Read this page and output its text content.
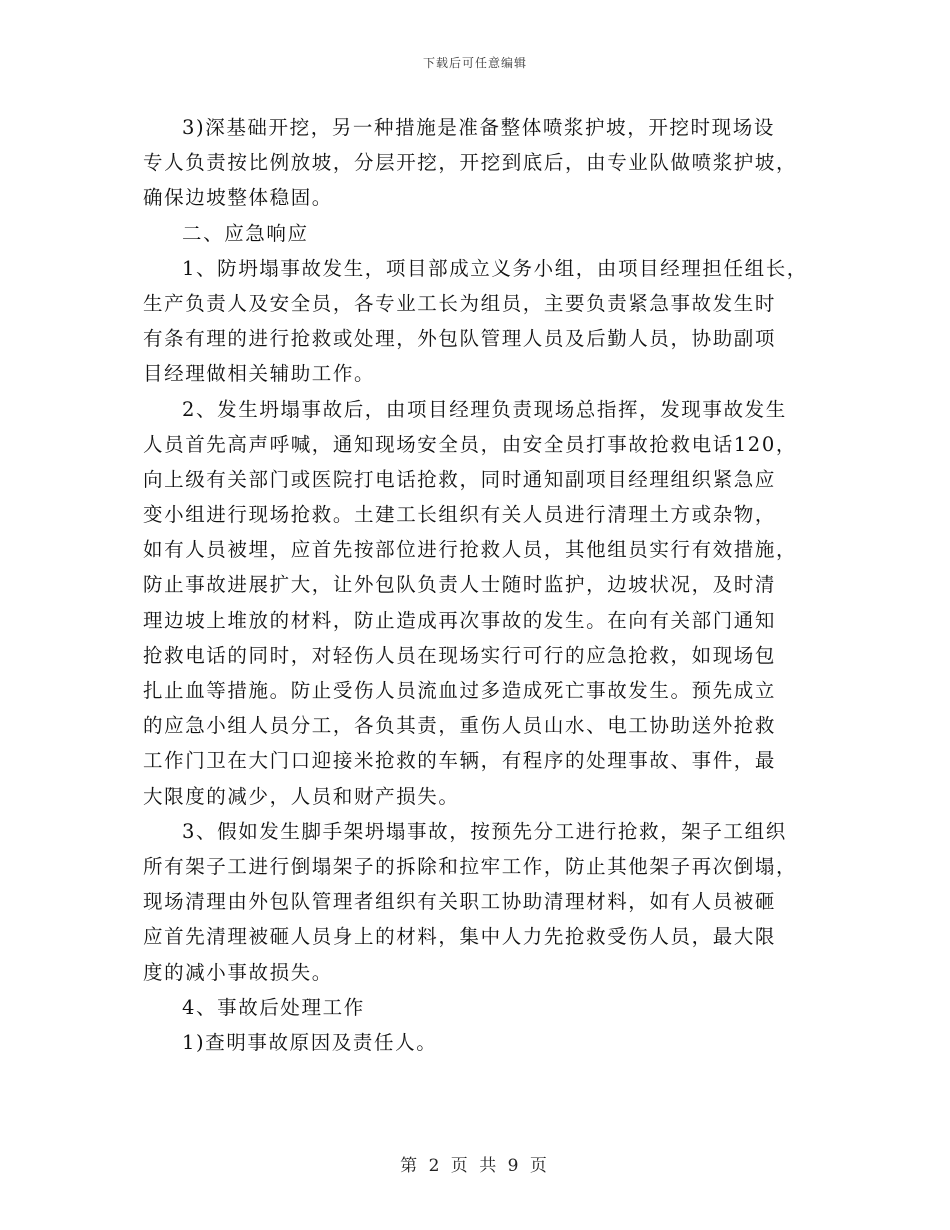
下载后可任意编辑
3)深基础开挖，另一种措施是准备整体喷浆护坡，开挖时现场设
专人负责按比例放坡，分层开挖，开挖到底后，由专业队做喷浆护坡，
确保边坡整体稳固。
二、应急响应
1、防坍塌事故发生，项目部成立义务小组，由项目经理担任组长，
生产负责人及安全员，各专业工长为组员，主要负责紧急事故发生时
有条有理的进行抢救或处理，外包队管理人员及后勤人员，协助副项
目经理做相关辅助工作。
2、发生坍塌事故后，由项目经理负责现场总指挥，发现事故发生
人员首先高声呼喊，通知现场安全员，由安全员打事故抢救电话120，
向上级有关部门或医院打电话抢救，同时通知副项目经理组织紧急应
变小组进行现场抢救。土建工长组织有关人员进行清理土方或杂物，
如有人员被埋，应首先按部位进行抢救人员，其他组员实行有效措施，
防止事故进展扩大，让外包队负责人士随时监护，边坡状况，及时清
理边坡上堆放的材料，防止造成再次事故的发生。在向有关部门通知
抢救电话的同时，对轻伤人员在现场实行可行的应急抢救，如现场包
扎止血等措施。防止受伤人员流血过多造成死亡事故发生。预先成立
的应急小组人员分工，各负其责，重伤人员山水、电工协助送外抢救
工作门卫在大门口迎接米抢救的车辆，有程序的处理事故、事件，最
大限度的减少，人员和财产损失。
3、假如发生脚手架坍塌事故，按预先分工进行抢救，架子工组织
所有架子工进行倒塌架子的拆除和拉牢工作，防止其他架子再次倒塌，
现场清理由外包队管理者组织有关职工协助清理材料，如有人员被砸
应首先清理被砸人员身上的材料，集中人力先抢救受伤人员，最大限
度的减小事故损失。
4、事故后处理工作
1)查明事故原因及责任人。
第 2 页 共 9 页
